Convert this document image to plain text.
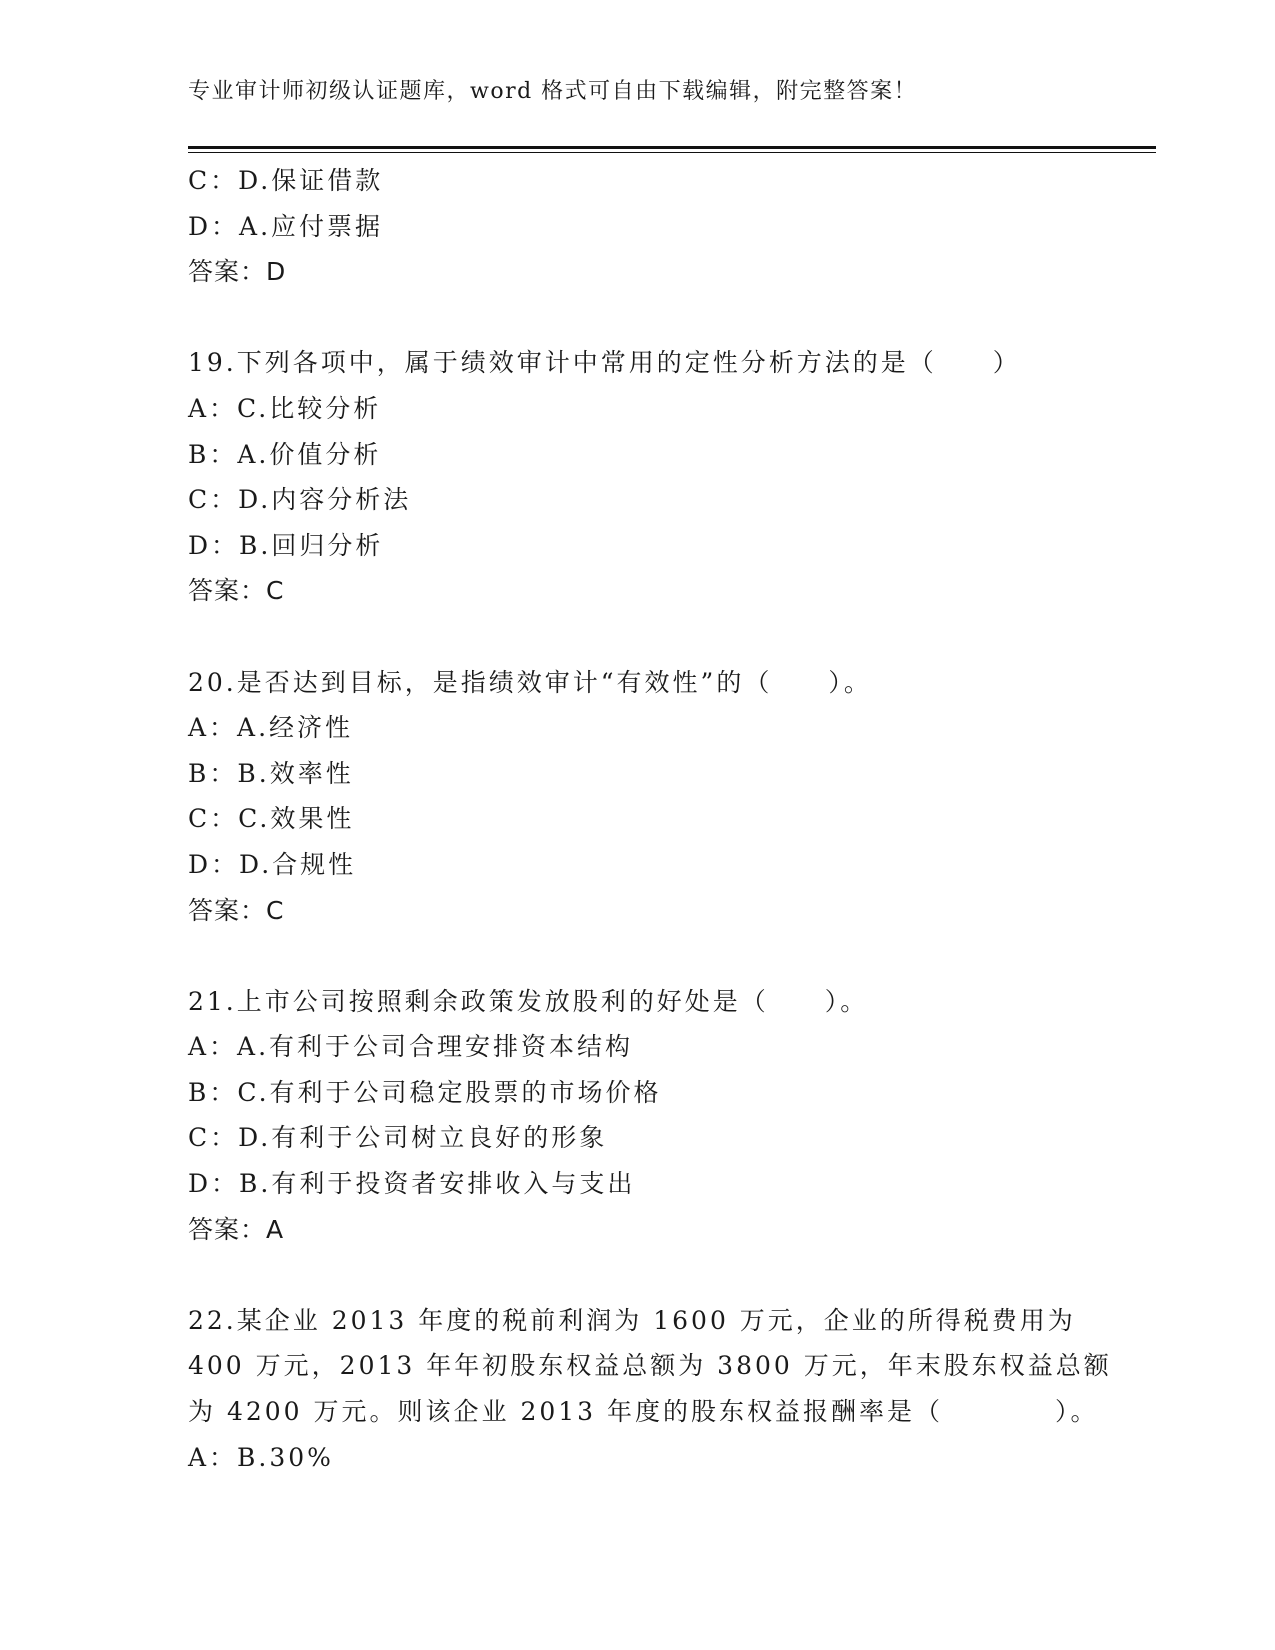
专业审计师初级认证题库，word 格式可自由下载编辑，附完整答案！
C：D.保证借款
D：A.应付票据
答案：D
19.下列各项中，属于绩效审计中常用的定性分析方法的是（　　）
A：C.比较分析
B：A.价值分析
C：D.内容分析法
D：B.回归分析
答案：C
20.是否达到目标，是指绩效审计“有效性”的（　　）。
A：A.经济性
B：B.效率性
C：C.效果性
D：D.合规性
答案：C
21.上市公司按照剩余政策发放股利的好处是（　　）。
A：A.有利于公司合理安排资本结构
B：C.有利于公司稳定股票的市场价格
C：D.有利于公司树立良好的形象
D：B.有利于投资者安排收入与支出
答案：A
22.某企业 2013 年度的税前利润为 1600 万元，企业的所得税费用为
400 万元，2013 年年初股东权益总额为 3800 万元，年末股东权益总额
为 4200 万元。则该企业 2013 年度的股东权益报酬率是（　　　　）。
A：B.30%
